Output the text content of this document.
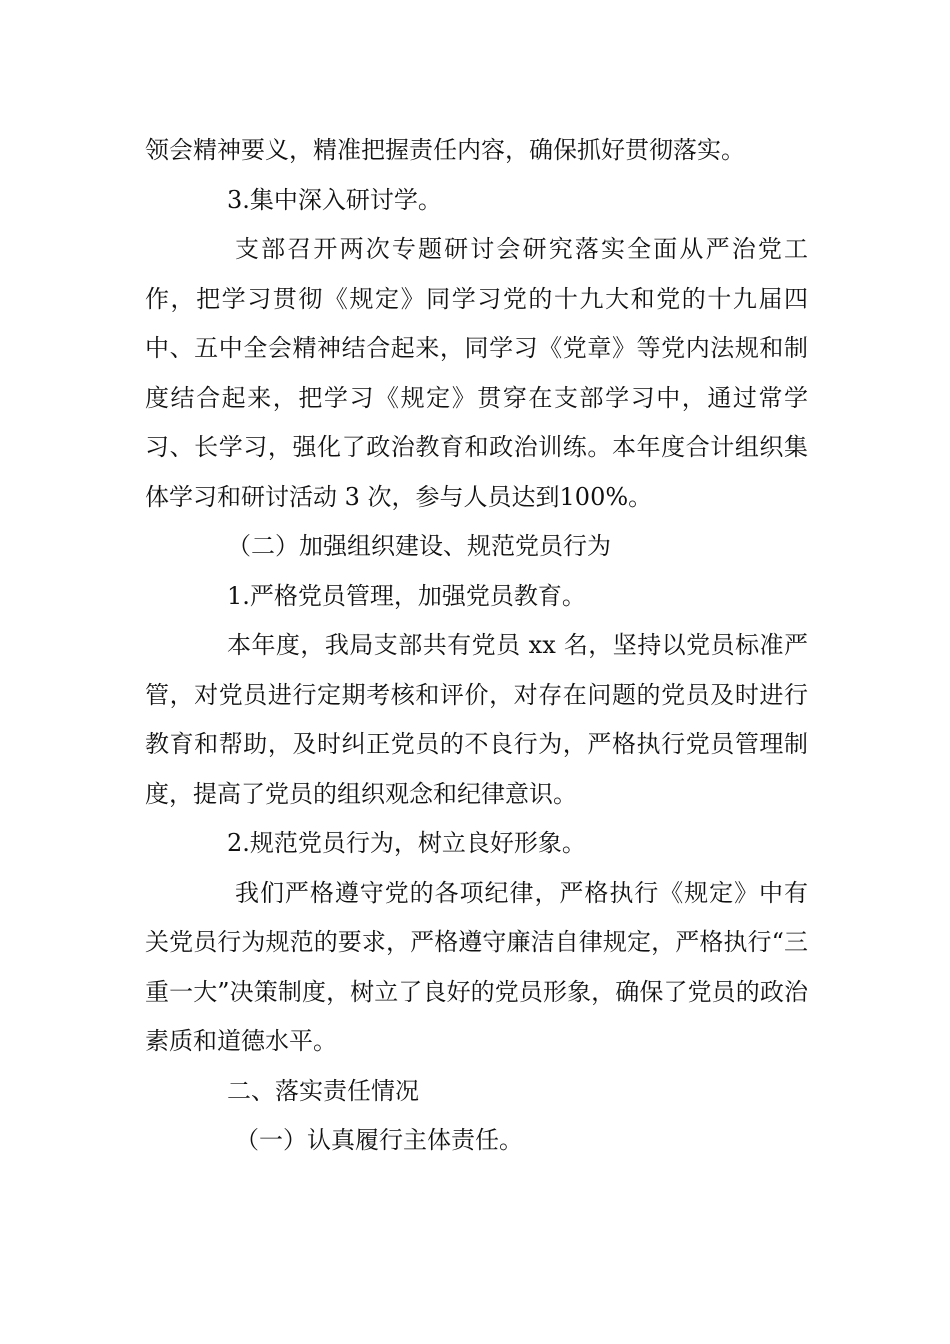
领会精神要义，精准把握责任内容，确保抓好贯彻落实。

3.集中深入研讨学。

支部召开两次专题研讨会研究落实全面从严治党工作，把学习贯彻《规定》同学习党的十九大和党的十九届四中、五中全会精神结合起来，同学习《党章》等党内法规和制度结合起来，把学习《规定》贯穿在支部学习中，通过常学习、长学习，强化了政治教育和政治训练。本年度合计组织集体学习和研讨活动 3 次，参与人员达到100%。

（二）加强组织建设、规范党员行为

1.严格党员管理，加强党员教育。

本年度，我局支部共有党员 xx 名，坚持以党员标准严管，对党员进行定期考核和评价，对存在问题的党员及时进行教育和帮助，及时纠正党员的不良行为，严格执行党员管理制度，提高了党员的组织观念和纪律意识。

2.规范党员行为，树立良好形象。

我们严格遵守党的各项纪律，严格执行《规定》中有关党员行为规范的要求，严格遵守廉洁自律规定，严格执行“三重一大”决策制度，树立了良好的党员形象，确保了党员的政治素质和道德水平。

二、落实责任情况

（一）认真履行主体责任。
